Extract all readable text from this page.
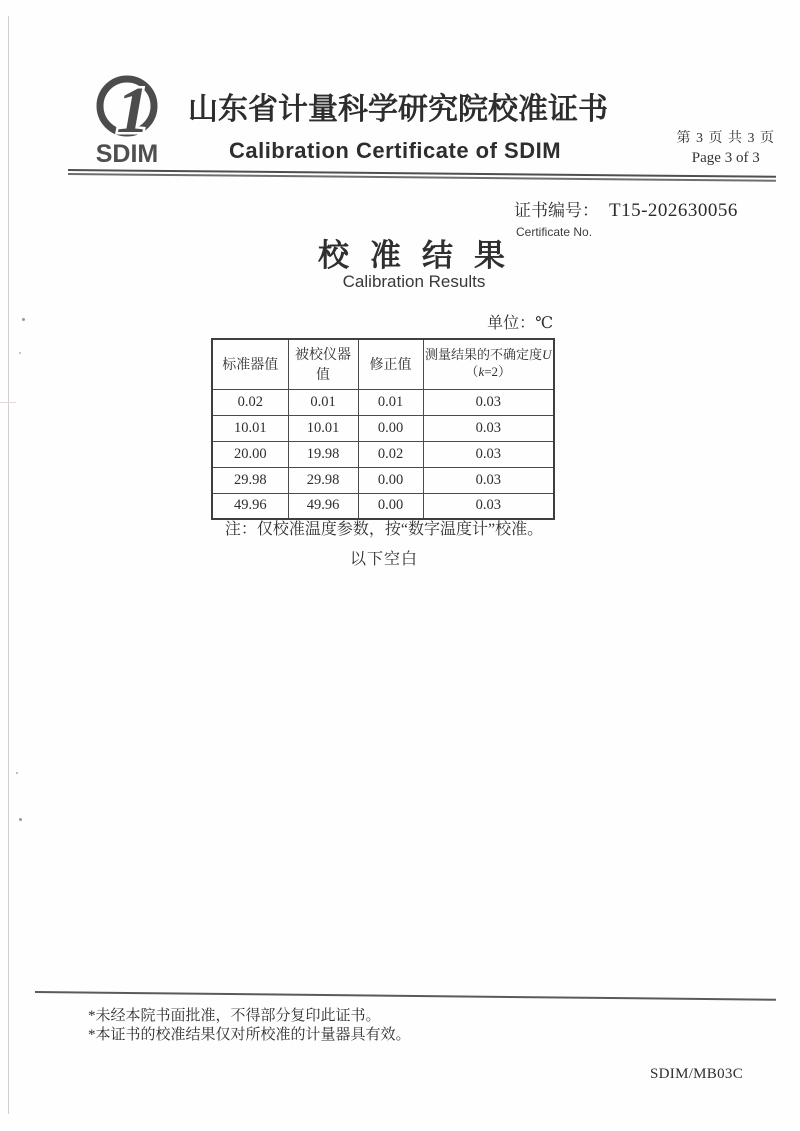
1
SDIM
山东省计量科学研究院校准证书
Calibration Certificate of SDIM	第 3 页 共 3 页
Page 3 of 3
证书编号： T15-202630056
Certificate No.
校准结果
Calibration Results
单位：℃
标准器值	被校仪器值	修正值	测量结果的不确定度U
（k=2）
0.02	0.01	0.01	0.03
10.01	10.01	0.00	0.03
20.00	19.98	0.02	0.03
29.98	29.98	0.00	0.03
49.96	49.96	0.00	0.03
注：仅校准温度参数，按“数字温度计”校准。
以下空白
*未经本院书面批准，不得部分复印此证书。
*本证书的校准结果仅对所校准的计量器具有效。
SDIM/MB03C
